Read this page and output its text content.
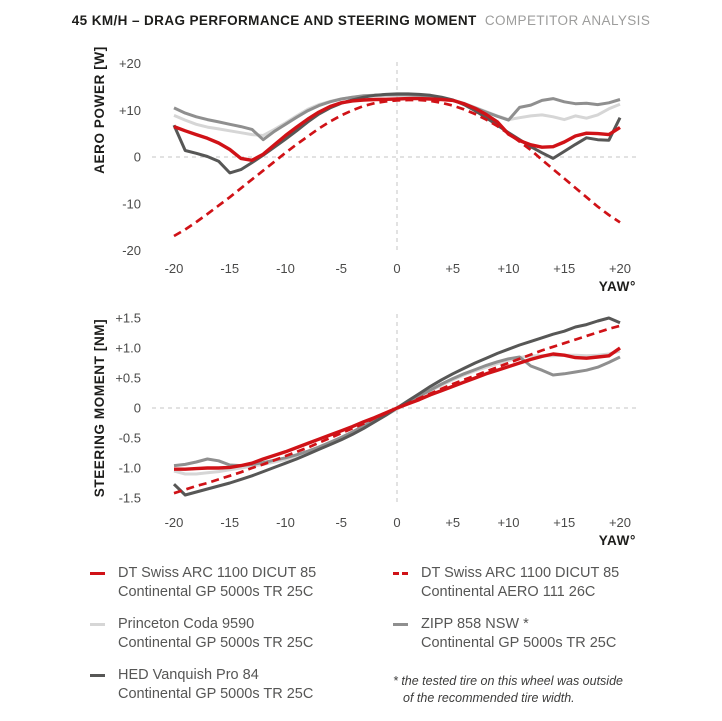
45 KM/H – DRAG PERFORMANCE AND STEERING MOMENT COMPETITOR ANALYSIS
+20
+10
0
-10
-20
-20	-15	-10	-5	0	+5	+10	+15	+20
YAW°
AERO POWER [W]
+1.5
+1.0
+0.5
0
-0.5
-1.0
-1.5
-20	-15	-10	-5	0	+5	+10	+15	+20
YAW°
STEERING MOMENT [NM]
DT Swiss ARC 1100 DICUT 85
Continental GP 5000s TR 25C
Princeton Coda 9590
Continental GP 5000s TR 25C
HED Vanquish Pro 84
Continental GP 5000s TR 25C
DT Swiss ARC 1100 DICUT 85
Continental AERO 111 26C
ZIPP 858 NSW *
Continental GP 5000s TR 25C
* the tested tire on this wheel was outside
of the recommended tire width.
